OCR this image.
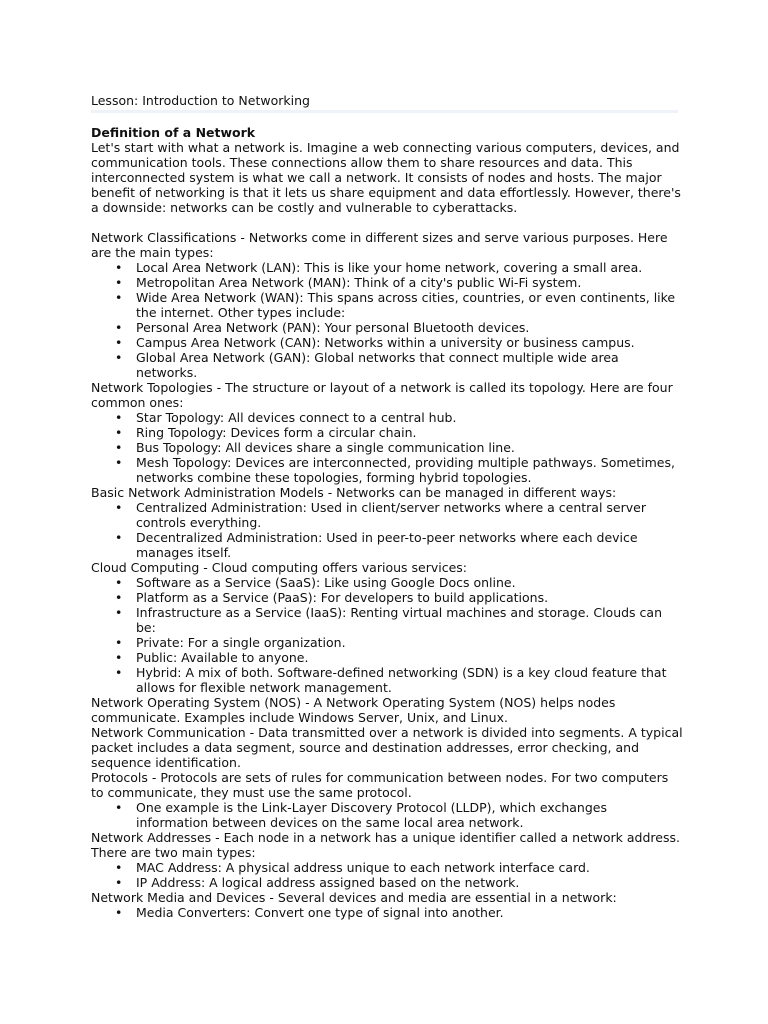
Lesson: Introduction to Networking
Definition of a Network

Let's start with what a network is. Imagine a web connecting various computers, devices, and communication tools. These connections allow them to share resources and data. This interconnected system is what we call a network. It consists of nodes and hosts. The major benefit of networking is that it lets us share equipment and data effortlessly. However, there's a downside: networks can be costly and vulnerable to cyberattacks.

Network Classifications - Networks come in different sizes and serve various purposes. Here are the main types:

• Local Area Network (LAN): This is like your home network, covering a small area.
• Metropolitan Area Network (MAN): Think of a city's public Wi-Fi system.
• Wide Area Network (WAN): This spans across cities, countries, or even continents, like the internet. Other types include:
• Personal Area Network (PAN): Your personal Bluetooth devices.
• Campus Area Network (CAN): Networks within a university or business campus.
• Global Area Network (GAN): Global networks that connect multiple wide area networks.

Network Topologies - The structure or layout of a network is called its topology. Here are four common ones:

• Star Topology: All devices connect to a central hub.
• Ring Topology: Devices form a circular chain.
• Bus Topology: All devices share a single communication line.
• Mesh Topology: Devices are interconnected, providing multiple pathways. Sometimes, networks combine these topologies, forming hybrid topologies.

Basic Network Administration Models - Networks can be managed in different ways:

• Centralized Administration: Used in client/server networks where a central server controls everything.
• Decentralized Administration: Used in peer-to-peer networks where each device manages itself.

Cloud Computing - Cloud computing offers various services:

• Software as a Service (SaaS): Like using Google Docs online.
• Platform as a Service (PaaS): For developers to build applications.
• Infrastructure as a Service (IaaS): Renting virtual machines and storage. Clouds can be:
• Private: For a single organization.
• Public: Available to anyone.
• Hybrid: A mix of both. Software-defined networking (SDN) is a key cloud feature that allows for flexible network management.

Network Operating System (NOS) - A Network Operating System (NOS) helps nodes communicate. Examples include Windows Server, Unix, and Linux.

Network Communication - Data transmitted over a network is divided into segments. A typical packet includes a data segment, source and destination addresses, error checking, and sequence identification.

Protocols - Protocols are sets of rules for communication between nodes. For two computers to communicate, they must use the same protocol.

• One example is the Link-Layer Discovery Protocol (LLDP), which exchanges information between devices on the same local area network.

Network Addresses - Each node in a network has a unique identifier called a network address. There are two main types:

• MAC Address: A physical address unique to each network interface card.
• IP Address: A logical address assigned based on the network.

Network Media and Devices - Several devices and media are essential in a network:

• Media Converters: Convert one type of signal into another.
